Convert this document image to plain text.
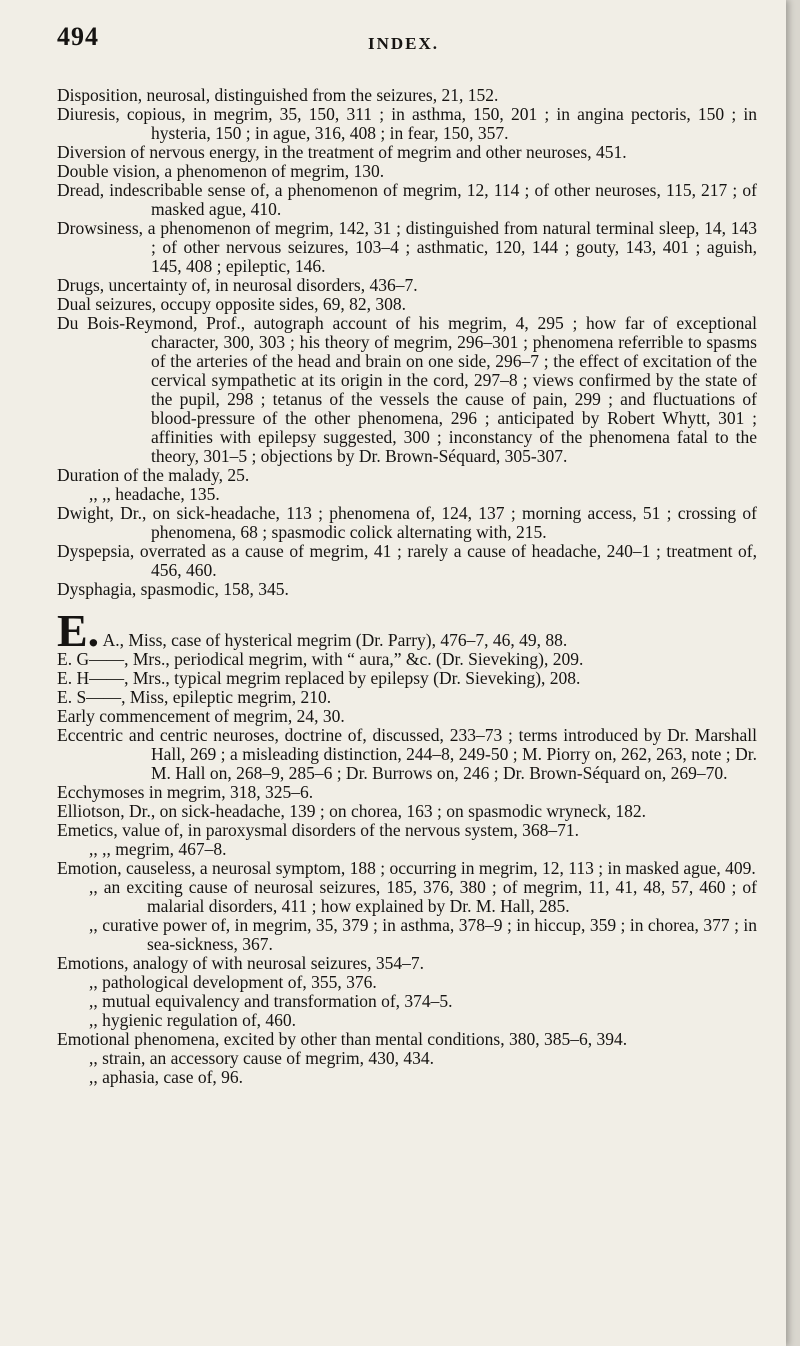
494	INDEX.

Disposition, neurosal, distinguished from the seizures, 21, 152.

Diuresis, copious, in megrim, 35, 150, 311 ; in asthma, 150, 201 ; in angina pectoris, 150 ; in hysteria, 150 ; in ague, 316, 408 ; in fear, 150, 357.

Diversion of nervous energy, in the treatment of megrim and other neuroses, 451.

Double vision, a phenomenon of megrim, 130.

Dread, indescribable sense of, a phenomenon of megrim, 12, 114 ; of other neuroses, 115, 217 ; of masked ague, 410.

Drowsiness, a phenomenon of megrim, 142, 31 ; distinguished from natural terminal sleep, 14, 143 ; of other nervous seizures, 103–4 ; asthmatic, 120, 144 ; gouty, 143, 401 ; aguish, 145, 408 ; epileptic, 146.

Drugs, uncertainty of, in neurosal disorders, 436–7.

Dual seizures, occupy opposite sides, 69, 82, 308.

Du Bois-Reymond, Prof., autograph account of his megrim, 4, 295 ; how far of exceptional character, 300, 303 ; his theory of megrim, 296–301 ; phenomena referrible to spasms of the arteries of the head and brain on one side, 296–7 ; the effect of excitation of the cervical sympathetic at its origin in the cord, 297–8 ; views confirmed by the state of the pupil, 298 ; tetanus of the vessels the cause of pain, 299 ; and fluctuations of blood-pressure of the other phenomena, 296 ; anticipated by Robert Whytt, 301 ; affinities with epilepsy suggested, 300 ; inconstancy of the phenomena fatal to the theory, 301–5 ; objections by Dr. Brown-Séquard, 305-307.

Duration of the malady, 25.

,, ,, headache, 135.

Dwight, Dr., on sick-headache, 113 ; phenomena of, 124, 137 ; morning access, 51 ; crossing of phenomena, 68 ; spasmodic colick alternating with, 215.

Dyspepsia, overrated as a cause of megrim, 41 ; rarely a cause of headache, 240–1 ; treatment of, 456, 460.

Dysphagia, spasmodic, 158, 345.

E. A., Miss, case of hysterical megrim (Dr. Parry), 476–7, 46, 49, 88.

E. G——, Mrs., periodical megrim, with “ aura,” &c. (Dr. Sieveking), 209.

E. H——, Mrs., typical megrim replaced by epilepsy (Dr. Sieveking), 208.

E. S——, Miss, epileptic megrim, 210.

Early commencement of megrim, 24, 30.

Eccentric and centric neuroses, doctrine of, discussed, 233–73 ; terms introduced by Dr. Marshall Hall, 269 ; a misleading distinction, 244–8, 249-50 ; M. Piorry on, 262, 263, note ; Dr. M. Hall on, 268–9, 285–6 ; Dr. Burrows on, 246 ; Dr. Brown-Séquard on, 269–70.

Ecchymoses in megrim, 318, 325–6.

Elliotson, Dr., on sick-headache, 139 ; on chorea, 163 ; on spasmodic wryneck, 182.

Emetics, value of, in paroxysmal disorders of the nervous system, 368–71.

,, ,, megrim, 467–8.

Emotion, causeless, a neurosal symptom, 188 ; occurring in megrim, 12, 113 ; in masked ague, 409.

,, an exciting cause of neurosal seizures, 185, 376, 380 ; of megrim, 11, 41, 48, 57, 460 ; of malarial disorders, 411 ; how explained by Dr. M. Hall, 285.

,, curative power of, in megrim, 35, 379 ; in asthma, 378–9 ; in hiccup, 359 ; in chorea, 377 ; in sea-sickness, 367.

Emotions, analogy of with neurosal seizures, 354–7.

,, pathological development of, 355, 376.

,, mutual equivalency and transformation of, 374–5.

,, hygienic regulation of, 460.

Emotional phenomena, excited by other than mental conditions, 380, 385–6, 394.

,, strain, an accessory cause of megrim, 430, 434.

,, aphasia, case of, 96.
